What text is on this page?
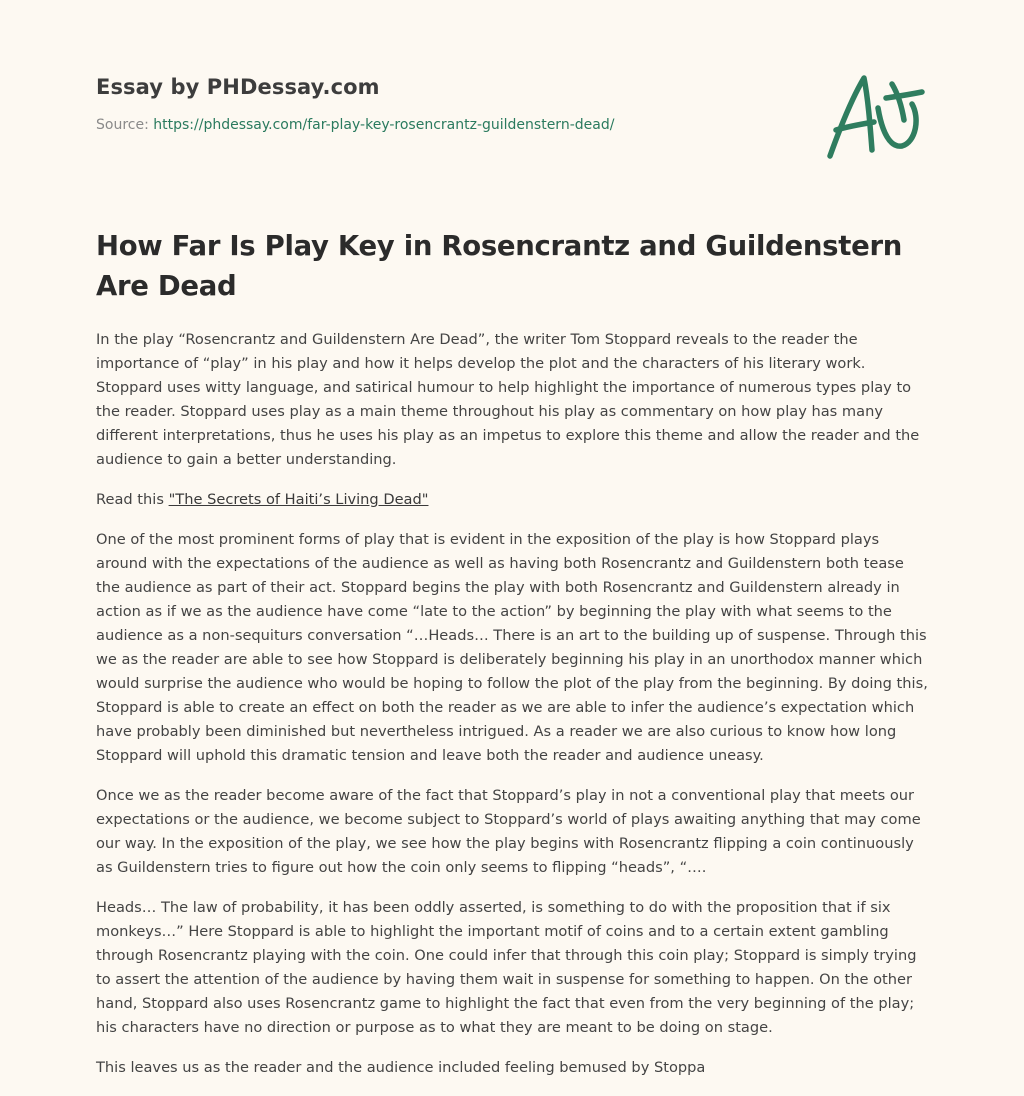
Essay by PHDessay.com
Source: https://phdessay.com/far-play-key-rosencrantz-guildenstern-dead/
How Far Is Play Key in Rosencrantz and Guildenstern Are Dead

In the play “Rosencrantz and Guildenstern Are Dead”, the writer Tom Stoppard reveals to the reader the importance of “play” in his play and how it helps develop the plot and the characters of his literary work. Stoppard uses witty language, and satirical humour to help highlight the importance of numerous types play to the reader. Stoppard uses play as a main theme throughout his play as commentary on how play has many different interpretations, thus he uses his play as an impetus to explore this theme and allow the reader and the audience to gain a better understanding.

Read this "The Secrets of Haiti’s Living Dead"

One of the most prominent forms of play that is evident in the exposition of the play is how Stoppard plays around with the expectations of the audience as well as having both Rosencrantz and Guildenstern both tease the audience as part of their act. Stoppard begins the play with both Rosencrantz and Guildenstern already in action as if we as the audience have come “late to the action” by beginning the play with what seems to the audience as a non-sequiturs conversation “…Heads… There is an art to the building up of suspense. Through this we as the reader are able to see how Stoppard is deliberately beginning his play in an unorthodox manner which would surprise the audience who would be hoping to follow the plot of the play from the beginning. By doing this, Stoppard is able to create an effect on both the reader as we are able to infer the audience’s expectation which have probably been diminished but nevertheless intrigued. As a reader we are also curious to know how long Stoppard will uphold this dramatic tension and leave both the reader and audience uneasy.

Once we as the reader become aware of the fact that Stoppard’s play in not a conventional play that meets our expectations or the audience, we become subject to Stoppard’s world of plays awaiting anything that may come our way. In the exposition of the play, we see how the play begins with Rosencrantz flipping a coin continuously as Guildenstern tries to figure out how the coin only seems to flipping “heads”, “….

Heads… The law of probability, it has been oddly asserted, is something to do with the proposition that if six monkeys…” Here Stoppard is able to highlight the important motif of coins and to a certain extent gambling through Rosencrantz playing with the coin. One could infer that through this coin play; Stoppard is simply trying to assert the attention of the audience by having them wait in suspense for something to happen. On the other hand, Stoppard also uses Rosencrantz game to highlight the fact that even from the very beginning of the play; his characters have no direction or purpose as to what they are meant to be doing on stage.

This leaves us as the reader and the audience included feeling bemused by Stoppa
